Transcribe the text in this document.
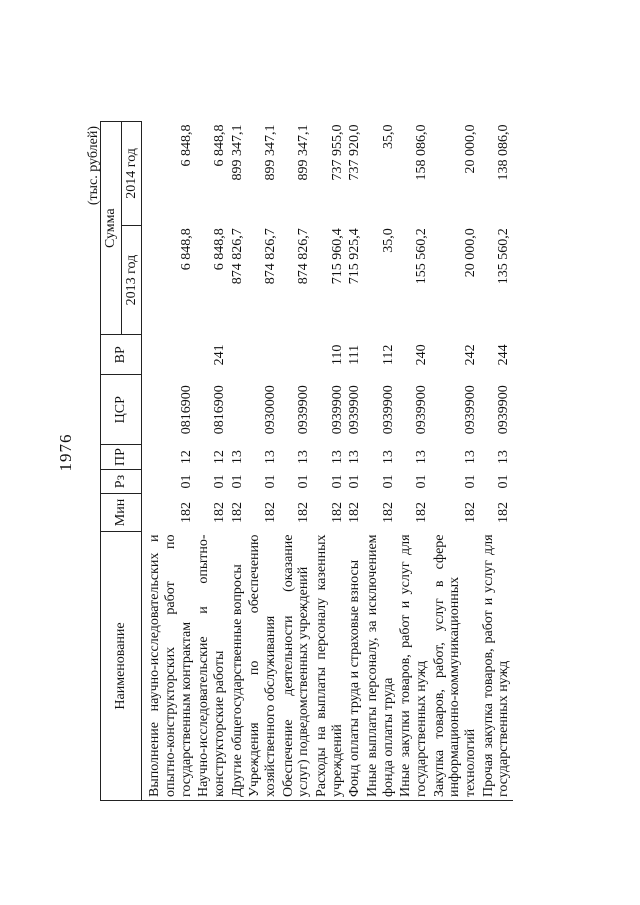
1976
(тыс. рублей)
Наименование	Мин	Рз	ПР	ЦСР	ВР	Сумма	
						2013 год	2014 год
Выполнение научно-исследовательских и опытно-конструкторских работ по государственным контрактам	182	01	12	0816900		6 848,8	6 848,8
Научно-исследовательские и опытно-конструкторские работы	182	01	12	0816900	241	6 848,8	6 848,8
Другие общегосударственные вопросы	182	01	13			874 826,7	899 347,1
Учреждения по обеспечению хозяйственного обслуживания	182	01	13	0930000		874 826,7	899 347,1
Обеспечение деятельности (оказание услуг) подведомственных учреждений	182	01	13	0939900		874 826,7	899 347,1
Расходы на выплаты персоналу казенных учреждений	182	01	13	0939900	110	715 960,4	737 955,0
Фонд оплаты труда и страховые взносы	182	01	13	0939900	111	715 925,4	737 920,0
Иные выплаты персоналу, за исключением фонда оплаты труда	182	01	13	0939900	112	35,0	35,0
Иные закупки товаров, работ и услуг для государственных нужд	182	01	13	0939900	240	155 560,2	158 086,0
Закупка товаров, работ, услуг в сфере информационно-коммуникационных технологий	182	01	13	0939900	242	20 000,0	20 000,0
Прочая закупка товаров, работ и услуг для государственных нужд	182	01	13	0939900	244	135 560,2	138 086,0
